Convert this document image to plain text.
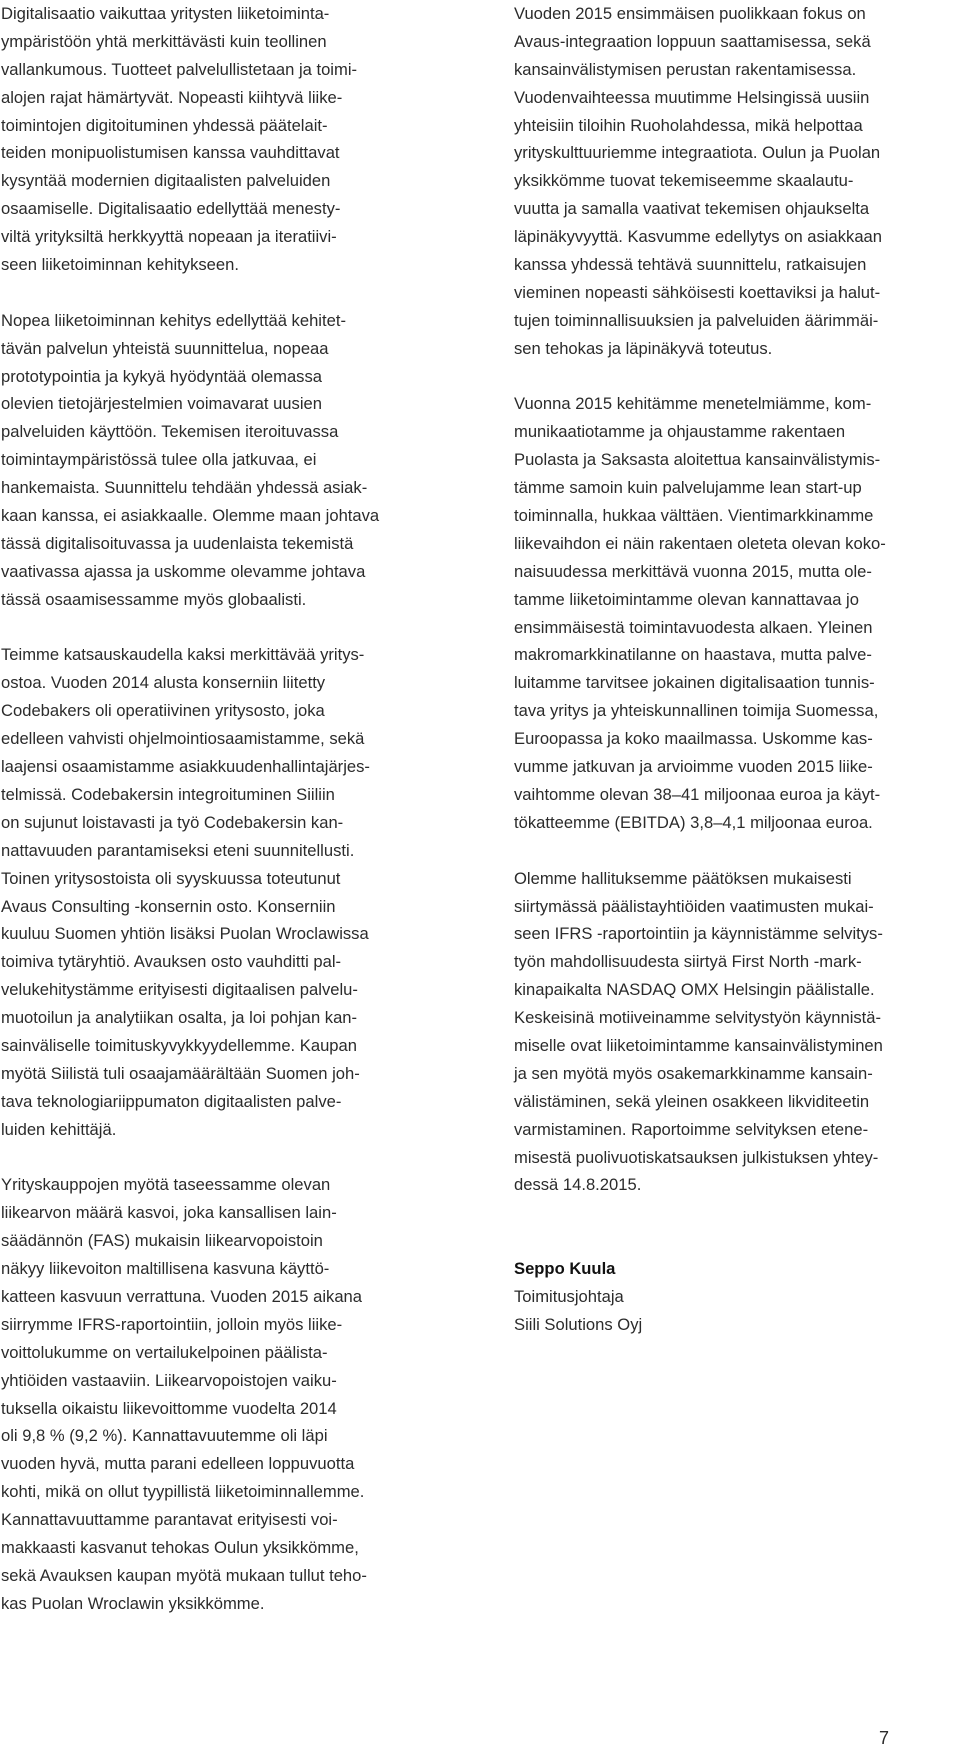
Digitalisaatio vaikuttaa yritysten liiketoiminta-
ympäristöön yhtä merkittävästi kuin teollinen
vallankumous. Tuotteet palvelullistetaan ja toimi-
alojen rajat hämärtyvät. Nopeasti kiihtyvä liike-
toimintojen digitoituminen yhdessä päätelait-
teiden monipuolistumisen kanssa vauhdittavat
kysyntää modernien digitaalisten palveluiden
osaamiselle. Digitalisaatio edellyttää menesty-
viltä yrityksiltä herkkyyttä nopeaan ja iteratiivi-
seen liiketoiminnan kehitykseen.
Nopea liiketoiminnan kehitys edellyttää kehitet-
tävän palvelun yhteistä suunnittelua, nopeaa
prototypointia ja kykyä hyödyntää olemassa
olevien tietojärjestelmien voimavarat uusien
palveluiden käyttöön. Tekemisen iteroituvassa
toimintaympäristössä tulee olla jatkuvaa, ei
hankemaista. Suunnittelu tehdään yhdessä asiak-
kaan kanssa, ei asiakkaalle. Olemme maan johtava
tässä digitalisoituvassa ja uudenlaista tekemistä
vaativassa ajassa ja uskomme olevamme johtava
tässä osaamisessamme myös globaalisti.
Teimme katsauskaudella kaksi merkittävää yritys-
ostoa. Vuoden 2014 alusta konserniin liitetty
Codebakers oli operatiivinen yritysosto, joka
edelleen vahvisti ohjelmointiosaamistamme, sekä
laajensi osaamistamme asiakkuudenhallintajärjes-
telmissä. Codebakersin integroituminen Siiliin
on sujunut loistavasti ja työ Codebakersin kan-
nattavuuden parantamiseksi eteni suunnitellusti.
Toinen yritysostoista oli syyskuussa toteutunut
Avaus Consulting -konsernin osto. Konserniin
kuuluu Suomen yhtiön lisäksi Puolan Wroclawissa
toimiva tytäryhtiö. Avauksen osto vauhditti pal-
velukehitystämme erityisesti digitaalisen palvelu-
muotoilun ja analytiikan osalta, ja loi pohjan kan-
sainväliselle toimituskyvykkyydellemme. Kaupan
myötä Siilistä tuli osaajamäärältään Suomen joh-
tava teknologiariippumaton digitaalisten palve-
luiden kehittäjä.
Yrityskauppojen myötä taseessamme olevan
liikearvon määrä kasvoi, joka kansallisen lain-
säädännön (FAS) mukaisin liikearvopoistoin
näkyy liikevoiton maltillisena kasvuna käyttö-
katteen kasvuun verrattuna. Vuoden 2015 aikana
siirrymme IFRS-raportointiin, jolloin myös liike-
voittolukumme on vertailukelpoinen päälista-
yhtiöiden vastaaviin. Liikearvopoistojen vaiku-
tuksella oikaistu liikevoittomme vuodelta 2014
oli 9,8 % (9,2 %). Kannattavuutemme oli läpi
vuoden hyvä, mutta parani edelleen loppuvuotta
kohti, mikä on ollut tyypillistä liiketoiminnallemme.
Kannattavuuttamme parantavat erityisesti voi-
makkaasti kasvanut tehokas Oulun yksikkömme,
sekä Avauksen kaupan myötä mukaan tullut teho-
kas Puolan Wroclawin yksikkömme.
Vuoden 2015 ensimmäisen puolikkaan fokus on
Avaus-integraation loppuun saattamisessa, sekä
kansainvälistymisen perustan rakentamisessa.
Vuodenvaihteessa muutimme Helsingissä uusiin
yhteisiin tiloihin Ruoholahdessa, mikä helpottaa
yrityskulttuuriemme integraatiota. Oulun ja Puolan
yksikkömme tuovat tekemiseemme skaalautu-
vuutta ja samalla vaativat tekemisen ohjaukselta
läpinäkyvyyttä. Kasvumme edellytys on asiakkaan
kanssa yhdessä tehtävä suunnittelu, ratkaisujen
vieminen nopeasti sähköisesti koettaviksi ja halut-
tujen toiminnallisuuksien ja palveluiden äärimmäi-
sen tehokas ja läpinäkyvä toteutus.
Vuonna 2015 kehitämme menetelmiämme, kom-
munikaatiotamme ja ohjaustamme rakentaen
Puolasta ja Saksasta aloitettua kansainvälistymis-
tämme samoin kuin palvelujamme lean start-up
toiminnalla, hukkaa välttäen. Vientimarkkinamme
liikevaihdon ei näin rakentaen oleteta olevan koko-
naisuudessa merkittävä vuonna 2015, mutta ole-
tamme liiketoimintamme olevan kannattavaa jo
ensimmäisestä toimintavuodesta alkaen. Yleinen
makromarkkinatilanne on haastava, mutta palve-
luitamme tarvitsee jokainen digitalisaation tunnis-
tava yritys ja yhteiskunnallinen toimija Suomessa,
Euroopassa ja koko maailmassa. Uskomme kas-
vumme jatkuvan ja arvioimme vuoden 2015 liike-
vaihtomme olevan 38–41 miljoonaa euroa ja käyt-
tökatteemme (EBITDA) 3,8–4,1 miljoonaa euroa.
Olemme hallituksemme päätöksen mukaisesti
siirtymässä päälistayhtiöiden vaatimusten mukai-
seen IFRS -raportointiin ja käynnistämme selvitys-
työn mahdollisuudesta siirtyä First North -mark-
kinapaikalta NASDAQ OMX Helsingin päälistalle.
Keskeisinä motiiveinamme selvitystyön käynnistä-
miselle ovat liiketoimintamme kansainvälistyminen
ja sen myötä myös osakemarkkinamme kansain-
välistäminen, sekä yleinen osakkeen likviditeetin
varmistaminen. Raportoimme selvityksen etene-
misestä puolivuotiskatsauksen julkistuksen yhtey-
dessä 14.8.2015.
Seppo Kuula
Toimitusjohtaja
Siili Solutions Oyj
7
